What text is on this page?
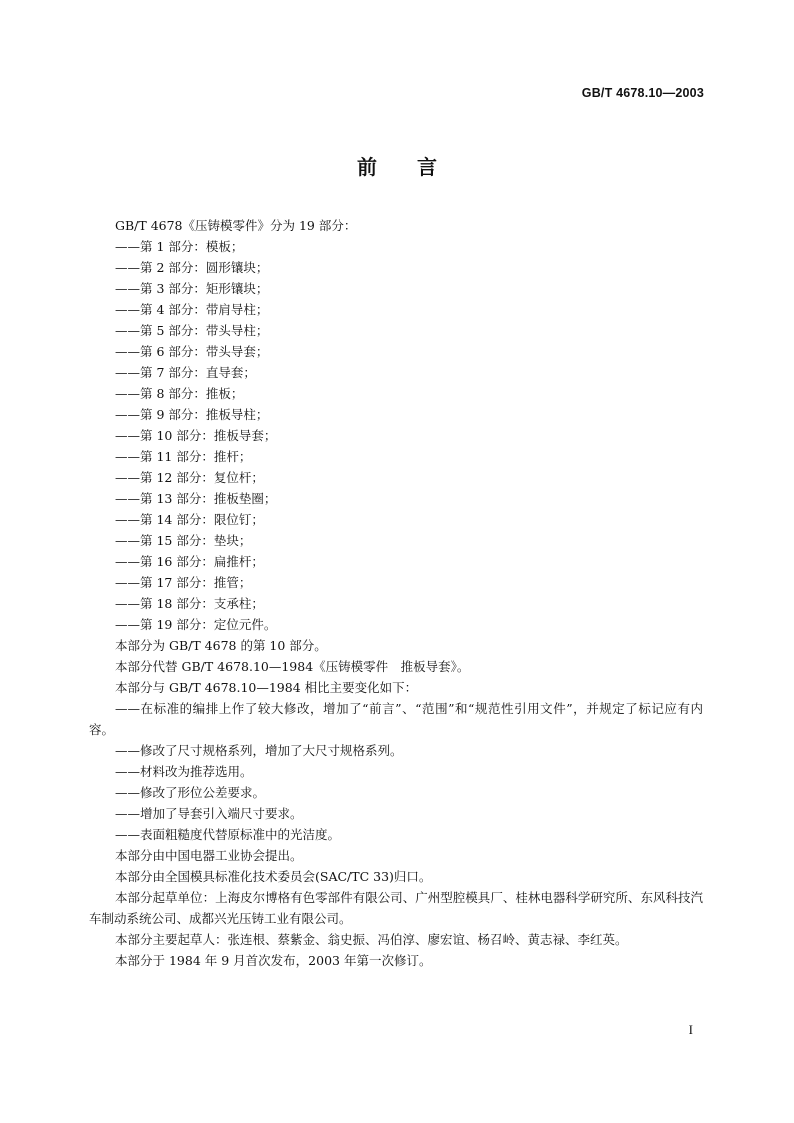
GB/T 4678.10—2003
前言

GB/T 4678《压铸模零件》分为 19 部分：

——第 1 部分：模板；

——第 2 部分：圆形镶块；

——第 3 部分：矩形镶块；

——第 4 部分：带肩导柱；

——第 5 部分：带头导柱；

——第 6 部分：带头导套；

——第 7 部分：直导套；

——第 8 部分：推板；

——第 9 部分：推板导柱；

——第 10 部分：推板导套；

——第 11 部分：推杆；

——第 12 部分：复位杆；

——第 13 部分：推板垫圈；

——第 14 部分：限位钉；

——第 15 部分：垫块；

——第 16 部分：扁推杆；

——第 17 部分：推管；

——第 18 部分：支承柱；

——第 19 部分：定位元件。

本部分为 GB/T 4678 的第 10 部分。

本部分代替 GB/T 4678.10—1984《压铸模零件　推板导套》。

本部分与 GB/T 4678.10—1984 相比主要变化如下：

——在标准的编排上作了较大修改，增加了“前言”、“范围”和“规范性引用文件”，并规定了标记应有内容。

——修改了尺寸规格系列，增加了大尺寸规格系列。

——材料改为推荐选用。

——修改了形位公差要求。

——增加了导套引入端尺寸要求。

——表面粗糙度代替原标准中的光洁度。

本部分由中国电器工业协会提出。

本部分由全国模具标准化技术委员会(SAC/TC 33)归口。

本部分起草单位：上海皮尔博格有色零部件有限公司、广州型腔模具厂、桂林电器科学研究所、东风科技汽车制动系统公司、成都兴光压铸工业有限公司。

本部分主要起草人：张连根、蔡紫金、翁史振、冯伯淳、廖宏谊、杨召岭、黄志禄、李红英。

本部分于 1984 年 9 月首次发布，2003 年第一次修订。

I
